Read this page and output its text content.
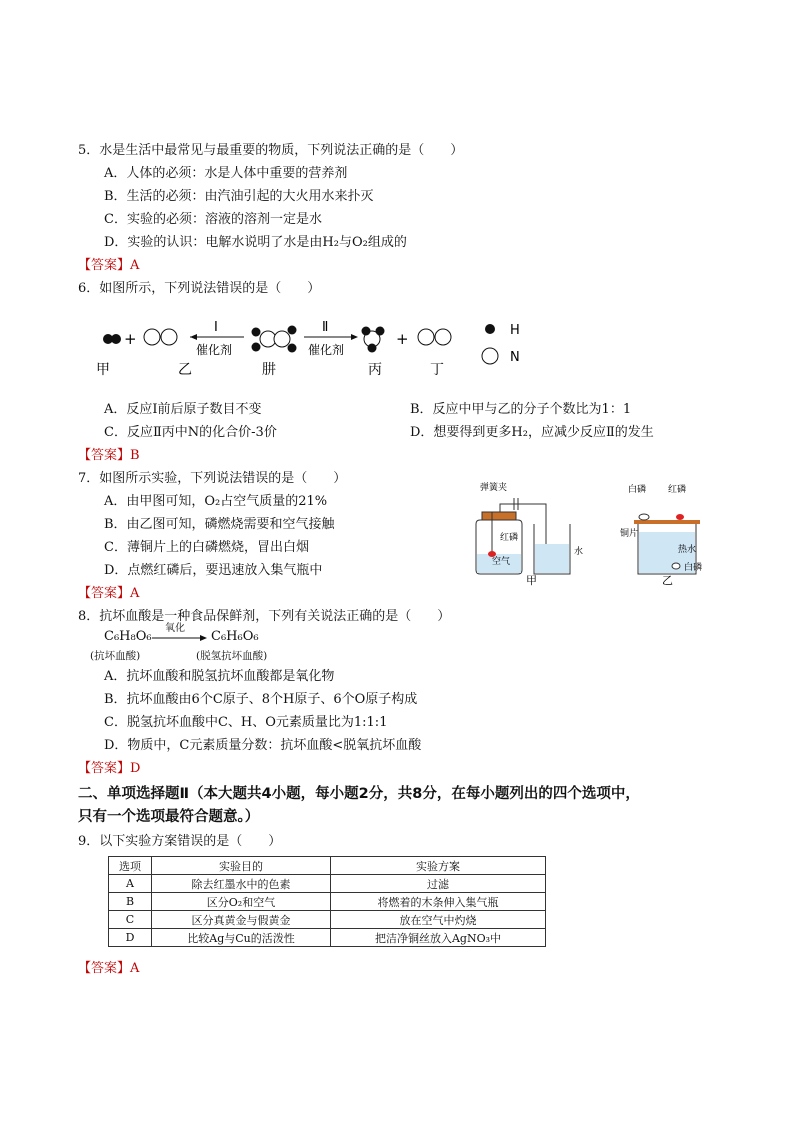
5．水是生活中最常见与最重要的物质，下列说法正确的是（　　）
A．人体的必须：水是人体中重要的营养剂
B．生活的必须：由汽油引起的大火用水来扑灭
C．实验的必须：溶液的溶剂一定是水
D．实验的认识：电解水说明了水是由H₂与O₂组成的
【答案】A
6．如图所示，下列说法错误的是（　　）
+
Ⅰ
催化剂
Ⅱ
催化剂
+	H
N
甲	乙	肼	丙	丁
A．反应Ⅰ前后原子数目不变	B．反应中甲与乙的分子个数比为1：1
C．反应Ⅱ丙中N的化合价-3价	D．想要得到更多H₂，应减少反应Ⅱ的发生
【答案】B
7．如图所示实验，下列说法错误的是（　　）
A．由甲图可知，O₂占空气质量的21%
B．由乙图可知，磷燃烧需要和空气接触
C．薄铜片上的白磷燃烧，冒出白烟
D．点燃红磷后，要迅速放入集气瓶中
【答案】A
弹簧夹
红磷
空气
水
甲
白磷 红磷
铜片
热水
白磷
乙
8．抗坏血酸是一种食品保鲜剂，下列有关说法正确的是（　　）
C₆H₈O₆
氧化
C₆H₆O₆
(抗坏血酸)	(脱氢抗坏血酸)
A．抗坏血酸和脱氢抗坏血酸都是氧化物
B．抗坏血酸由6个C原子、8个H原子、6个O原子构成
C．脱氢抗坏血酸中C、H、O元素质量比为1:1:1
D．物质中，C元素质量分数：抗坏血酸<脱氧抗坏血酸
【答案】D
二、单项选择题Ⅱ（本大题共4小题，每小题2分，共8分，在每小题列出的四个选项中，
只有一个选项最符合题意。）
9．以下实验方案错误的是（　　）
选项	实验目的	实验方案
A	除去红墨水中的色素	过滤
B	区分O₂和空气	将燃着的木条伸入集气瓶
C	区分真黄金与假黄金	放在空气中灼烧
D	比较Ag与Cu的活泼性	把洁净铜丝放入AgNO₃中
【答案】A
